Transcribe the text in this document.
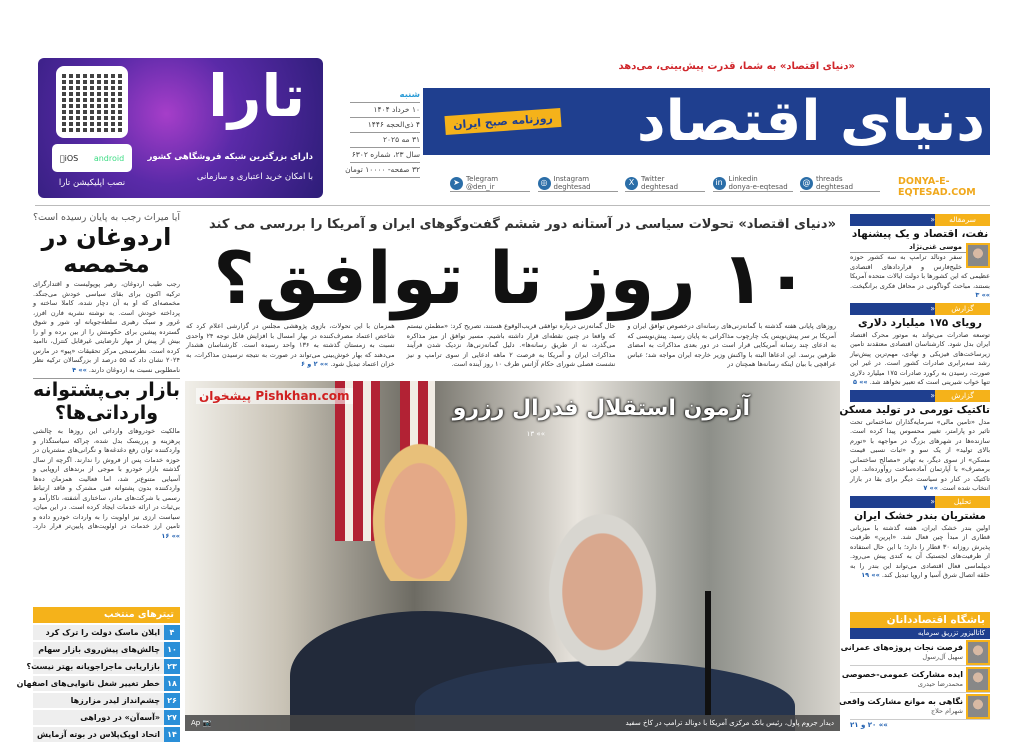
iOS android
نصب اپلیکیشن تارا
تارا
دارای بزرگترین شبکه فروشگاهی کشور
با امکان خرید اعتباری و سازمانی
«دنیای اقتصاد» به شما، قدرت پیش‌بینی، می‌دهد
دنیای اقتصاد
روزنامه صبح ایران
شنبه
۱۰ خرداد ۱۴۰۴
۴ ذی‌الحجه ۱۴۴۶
۳۱ مه ۲۰۲۵
سال ۲۳، شماره ۶۳۰۲
۳۲ صفحه- ۱۰۰۰۰ تومان
@ threads
deghtesad
in Linkedin
donya-e-eqtesad
X Twitter
deghtesad
◎ Instagram
deghtesad
➤ Telegram
@den_ir	DONYA-E-EQTESAD.COM
«دنیای اقتصاد» تحولات سیاسی در آستانه دور ششم گفت‌وگوهای ایران و آمریکا را بررسی می کند
۱۰ روز تا توافق؟

روزهای پایانی هفته گذشته با گمانه‌زنی‌های رسانه‌ای درخصوص توافق ایران و آمریکا بر سر پیش‌نویس یک چارچوب مذاکراتی به پایان رسید. پیش‌نویسی که به ادعای چند رسانه آمریکایی قرار است در دور بعدی مذاکرات به امضای طرفین برسد. این ادعاها البته با واکنش وزیر خارجه ایران مواجه شد؛ عباس عراقچی با بیان اینکه رسانه‌ها همچنان در

حال گمانه‌زنی درباره توافقی قریب‌الوقوع هستند، تصریح کرد: «مطمئن نیستم که واقعا در چنین نقطه‌ای قرار داشته باشیم. مسیر توافق از میز مذاکره می‌گذرد، نه از طریق رسانه‌ها». دلیل گمانه‌زنی‌ها، نزدیک شدن فرآیند مذاکرات ایران و آمریکا به فرصت ۲ ماهه ادعایی از سوی ترامپ و نیز نشست فصلی شورای حکام آژانس ظرف ۱۰ روز آینده است.

همزمان با این تحولات، بازوی پژوهشی مجلس در گزارشی اعلام کرد که شاخص اعتماد مصرف‌کننده در بهار امسال با افزایش قابل توجه ۲۴ واحدی نسبت به زمستان گذشته به ۱۳۶ واحد رسیده است. کارشناسان هشدار می‌دهند که بهار خوش‌بینی می‌تواند در صورت به نتیجه نرسیدن مذاکرات، به خزان اعتماد تبدیل شود. »» ۲ و ۶

آزمون استقلال فدرال رزرو
»» ۱۳
دیدار جروم پاول، رئیس بانک مرکزی آمریکا با دونالد ترامپ در کاخ سفید
📷 Ap
پیشخوان Pishkhan.com
سرمقاله
«
نفت، اقتصاد و یک پیشنهاد
موسی غنی‌نژاد
سفر دونالد ترامپ به سه کشور حوزه خلیج‌فارس و قراردادهای اقتصادی عظیمی که این کشورها با دولت ایالات متحده آمریکا بستند، مباحث گوناگونی در محافل فکری برانگیخت. »» ۳
گزارش
«
رویای ۱۷۵ میلیارد دلاری
توسعه صادرات می‌تواند به موتور محرک اقتصاد ایران بدل شود. کارشناسان اقتصادی معتقدند تامین زیرساخت‌های فیزیکی و نهادی، مهم‌ترین پیش‌نیاز رشد سه‌برابری صادرات کشور است. در غیر این صورت، رسیدن به رکورد صادرات ۱۷۵ میلیارد دلاری تنها خواب شیرینی است که تعبیر نخواهد شد. »» ۵
گزارش
«
تاکتیک تورمی در تولید مسکن
مدل «تامین مالی» سرمایه‌گذاران ساختمانی تحت تاثیر دو پارامتر، تغییر محسوس پیدا کرده است. سازنده‌ها در شهرهای بزرگ در مواجهه با «تورم بالای تولید» از یک سو و «ثبات نسبی قیمت مسکن» از سوی دیگر، به تهاتر «مصالح ساختمانی برمصرف» با آپارتمان آماده‌ساخت روآورده‌اند. این تاکتیک در کنار دو سیاست دیگر برای بقا در بازار انتخاب شده است. »» ۷
تحلیل
«
مشتریان بندر خشک ایران
اولین بندر خشک ایران، هفته گذشته با میزبانی قطاری از مبدأ چین فعال شد. «اپرین» ظرفیت پذیرش روزانه ۳۰ قطار را دارد؛ با این حال استفاده از ظرفیت‌های لجستیک آن به کندی پیش می‌رود. دیپلماسی فعال اقتصادی می‌تواند این بندر را به حلقه اتصال شرق آسیا و اروپا تبدیل کند. »» ۱۹
باشگاه اقتصاددانان
کاتالیزور تزریق سرمایه
فرصت نجات پروژه‌های عمرانی
سهیل آل‌رسول
ایده مشارکت عمومی-خصوصی
محمدرضا حیدری
نگاهی به موانع مشارکت واقعی
شهرام حلاج
»» ۲۰ و ۲۱
آیا میراث رجب به پایان رسیده است؟
اردوغان در مخمصه
رجب طیب اردوغان، رهبر پوپولیست و اقتدارگرای ترکیه اکنون برای بقای سیاسی خودش می‌جنگد. مخمصه‌ای که او به آن دچار شده، کاملا ساخته و پرداخته خودش است. به نوشته نشریه فارن افرز، غرور و سبک رهبری سلطه‌جویانه او، شور و شوق گسترده پیشین برای حکومتش را از بین برده و او را بیش از پیش از مهار نارضایتی غیرقابل کنترل، ناامید کرده است. نظرسنجی مرکز تحقیقات «پیو» در مارس ۲۰۲۴ نشان داد که ۵۵ درصد از بزرگسالان ترکیه نظر نامطلوبی نسبت به اردوغان دارند. »» ۴
بازار بی‌پشتوانه وارداتی‌ها؟
مالکیت خودروهای وارداتی این روزها به چالشی پرهزینه و پرریسک بدل شده، چراکه سیاستگذار و واردکننده توان رفع دغدغه‌ها و نگرانی‌های مشتریان در حوزه خدمات پس از فروش را ندارند. اگرچه از سال گذشته بازار خودرو با موجی از برندهای اروپایی و آسیایی متنوع‌تر شد، اما فعالیت همزمان ده‌ها واردکننده بدون پشتوانه فنی مشترک و فاقد ارتباط رسمی با شرکت‌های مادر، ساختاری آشفته، ناکارآمد و بی‌ثبات در ارائه خدمات ایجاد کرده است. در این میان، سیاست ارزی نیز اولویت را به واردات خودرو داده و تامین ارز خدمات در اولویت‌های پایین‌تر قرار دارد. »» ۱۶
تیترهای منتخب
۴
ایلان ماسک دولت را ترک کرد
۱۰
چالش‌های پیش‌روی بازار سهام
۲۳
بازاریابی ماجراجویانه بهتر نیست؟
۱۸
خطر تغییر شغل نانوایی‌های اصفهان
۲۶
چشم‌انداز لیدر مزارزها
۲۷
«آسه‌آن» در دوراهی
۱۴
اتحاد اوپک‌پلاس در بوته آزمایش
